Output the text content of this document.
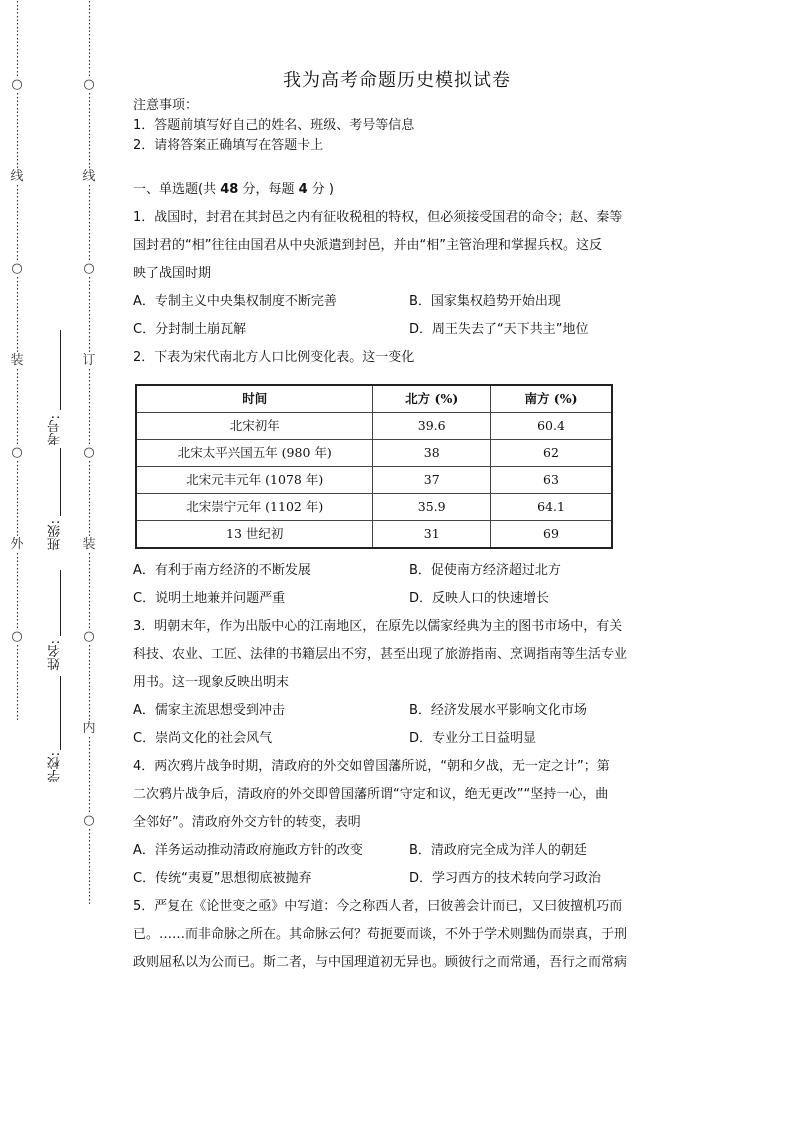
⋮
⋮
⋮
⋮
⋮
⋮
⋮
○
⋮
⋮
⋮
⋮
⋮
⋮
⋮
线
⋮
⋮
⋮
⋮
⋮
⋮
⋮
○
⋮
⋮
⋮
⋮
⋮
⋮
⋮
装
⋮
⋮
⋮
⋮
⋮
⋮
⋮
○
⋮
⋮
⋮
⋮
⋮
⋮
⋮
外
⋮
⋮
⋮
⋮
⋮
⋮
⋮
○
⋮
⋮
⋮
⋮
⋮
⋮
⋮
⋮
⋮
⋮
⋮
⋮
⋮
⋮
○
⋮
⋮
⋮
⋮
⋮
⋮
⋮
线
⋮
⋮
⋮
⋮
⋮
⋮
⋮
○
⋮
⋮
⋮
⋮
⋮
⋮
⋮
订
⋮
⋮
⋮
⋮
⋮
⋮
⋮
○
⋮
⋮
⋮
⋮
⋮
⋮
⋮
装
⋮
⋮
⋮
⋮
⋮
⋮
⋮
○
⋮
⋮
⋮
⋮
⋮
⋮
⋮
内
⋮
⋮
⋮
⋮
⋮
⋮
⋮
○
⋮
⋮
⋮
⋮
⋮
⋮
⋮
学校:
姓名:
班级:
考号:
我为高考命题历史模拟试卷
注意事项：
1．答题前填写好自己的姓名、班级、考号等信息
2．请将答案正确填写在答题卡上
一、单选题(共 48 分，每题 4 分 )
1．战国时，封君在其封邑之内有征收税租的特权，但必须接受国君的命令；赵、秦等
国封君的“相”往往由国君从中央派遣到封邑，并由“相”主管治理和掌握兵权。这反
映了战国时期
A．专制主义中央集权制度不断完善	B．国家集权趋势开始出现
C．分封制土崩瓦解	D．周王失去了“天下共主”地位
2．下表为宋代南北方人口比例变化表。这一变化
时间	北方 (%)	南方 (%)
北宋初年	39.6	60.4
北宋太平兴国五年 (980 年)	38	62
北宋元丰元年 (1078 年)	37	63
北宋崇宁元年 (1102 年)	35.9	64.1
13 世纪初	31	69
A．有利于南方经济的不断发展	B．促使南方经济超过北方
C．说明土地兼并问题严重	D．反映人口的快速增长
3．明朝末年，作为出版中心的江南地区，在原先以儒家经典为主的图书市场中，有关
科技、农业、工匠、法律的书籍层出不穷，甚至出现了旅游指南、烹调指南等生活专业
用书。这一现象反映出明末
A．儒家主流思想受到冲击	B．经济发展水平影响文化市场
C．崇尚文化的社会风气	D．专业分工日益明显
4．两次鸦片战争时期，清政府的外交如曾国藩所说，“朝和夕战，无一定之计”；第
二次鸦片战争后，清政府的外交即曾国藩所谓“守定和议，绝无更改”“坚持一心，曲
全邻好”。清政府外交方针的转变，表明
A．洋务运动推动清政府施政方针的改变	B．清政府完全成为洋人的朝廷
C．传统“夷夏”思想彻底被抛弃	D．学习西方的技术转向学习政治
5．严复在《论世变之亟》中写道：今之称西人者，曰彼善会计而已，又曰彼擅机巧而
已。……而非命脉之所在。其命脉云何？苟扼要而谈，不外于学术则黜伪而崇真，于刑
政则屈私以为公而已。斯二者，与中国理道初无异也。顾彼行之而常通，吾行之而常病
